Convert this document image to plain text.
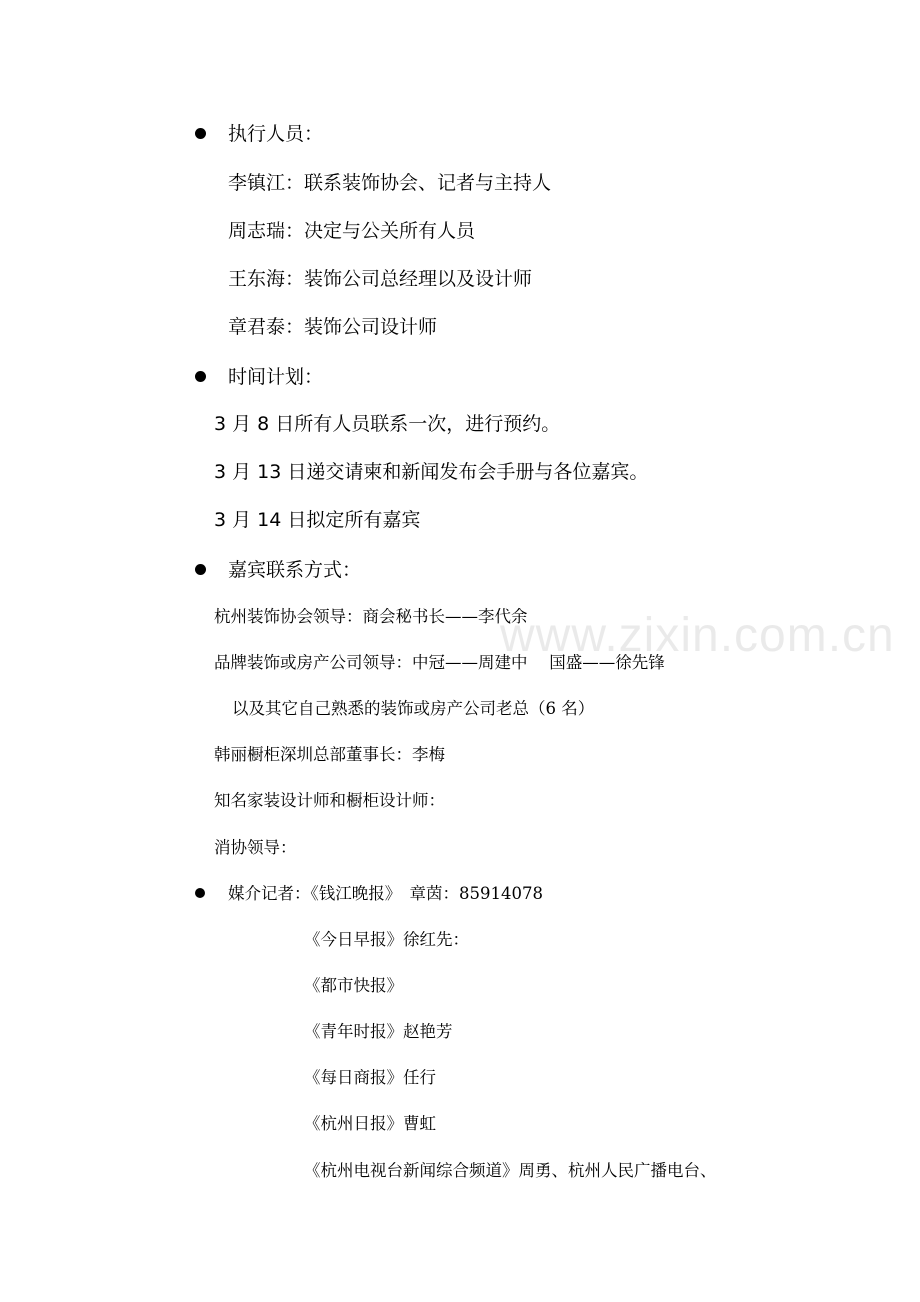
www.zixin.com.cn
执行人员：
李镇江：联系装饰协会、记者与主持人
周志瑞：决定与公关所有人员
王东海：装饰公司总经理以及设计师
章君泰：装饰公司设计师
时间计划：
3 月 8 日所有人员联系一次，进行预约。
3 月 13 日递交请柬和新闻发布会手册与各位嘉宾。
3 月 14 日拟定所有嘉宾
嘉宾联系方式：
杭州装饰协会领导：商会秘书长——李代余
品牌装饰或房产公司领导：中冠——周建中　 国盛——徐先锋
以及其它自己熟悉的装饰或房产公司老总（6 名）
韩丽橱柜深圳总部董事长：李梅
知名家装设计师和橱柜设计师：
消协领导：
媒介记者：《钱江晚报》　章茵：85914078
《今日早报》徐红先：
《都市快报》
《青年时报》赵艳芳
《每日商报》任行
《杭州日报》曹虹
《杭州电视台新闻综合频道》周勇、杭州人民广播电台、
